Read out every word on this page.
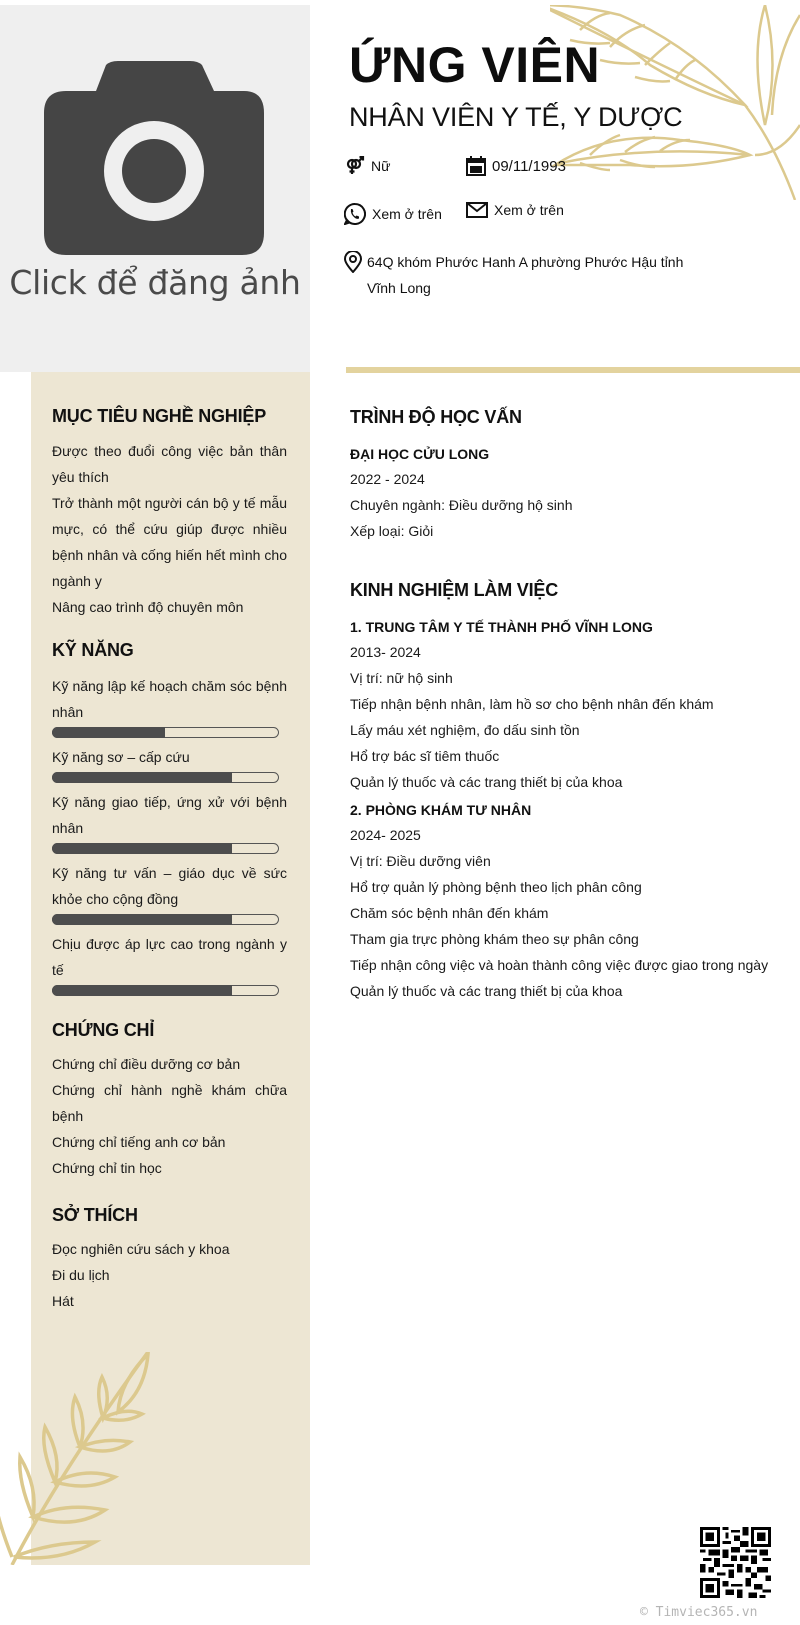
Click để đăng ảnh
ỨNG VIÊN
NHÂN VIÊN Y TẾ, Y DƯỢC
Nữ	09/11/1993
Xem ở trên	Xem ở trên
64Q khóm Phước Hanh A phường Phước Hậu tỉnh
Vĩnh Long
MỤC TIÊU NGHỀ NGHIỆP
Được theo đuổi công việc bản thân yêu thích
Trở thành một người cán bộ y tế mẫu mực, có thể cứu giúp được nhiều bệnh nhân và cống hiến hết mình cho ngành y
Nâng cao trình độ chuyên môn
KỸ NĂNG
Kỹ năng lập kế hoạch chăm sóc bệnh nhân
Kỹ năng sơ – cấp cứu
Kỹ năng giao tiếp, ứng xử với bệnh nhân
Kỹ năng tư vấn – giáo dục về sức khỏe cho cộng đồng
Chịu được áp lực cao trong ngành y tế
CHỨNG CHỈ
Chứng chỉ điều dưỡng cơ bản
Chứng chỉ hành nghề khám chữa bệnh
Chứng chỉ tiếng anh cơ bản
Chứng chỉ tin học
SỞ THÍCH
Đọc nghiên cứu sách y khoa
Đi du lịch
Hát
TRÌNH ĐỘ HỌC VẤN
ĐẠI HỌC CỬU LONG
2022 - 2024
Chuyên ngành: Điều dưỡng hộ sinh
Xếp loại: Giỏi
KINH NGHIỆM LÀM VIỆC
1. TRUNG TÂM Y TẾ THÀNH PHỐ VĨNH LONG
2013- 2024
Vị trí: nữ hộ sinh
Tiếp nhận bệnh nhân, làm hồ sơ cho bệnh nhân đến khám
Lấy máu xét nghiệm, đo dấu sinh tồn
Hổ trợ bác sĩ tiêm thuốc
Quản lý thuốc và các trang thiết bị của khoa
2. PHÒNG KHÁM TƯ NHÂN
2024- 2025
Vị trí: Điều dưỡng viên
Hổ trợ quản lý phòng bệnh theo lịch phân công
Chăm sóc bệnh nhân đến khám
Tham gia trực phòng khám theo sự phân công
Tiếp nhận công việc và hoàn thành công việc được giao trong ngày
Quản lý thuốc và các trang thiết bị của khoa
© Timviec365.vn
